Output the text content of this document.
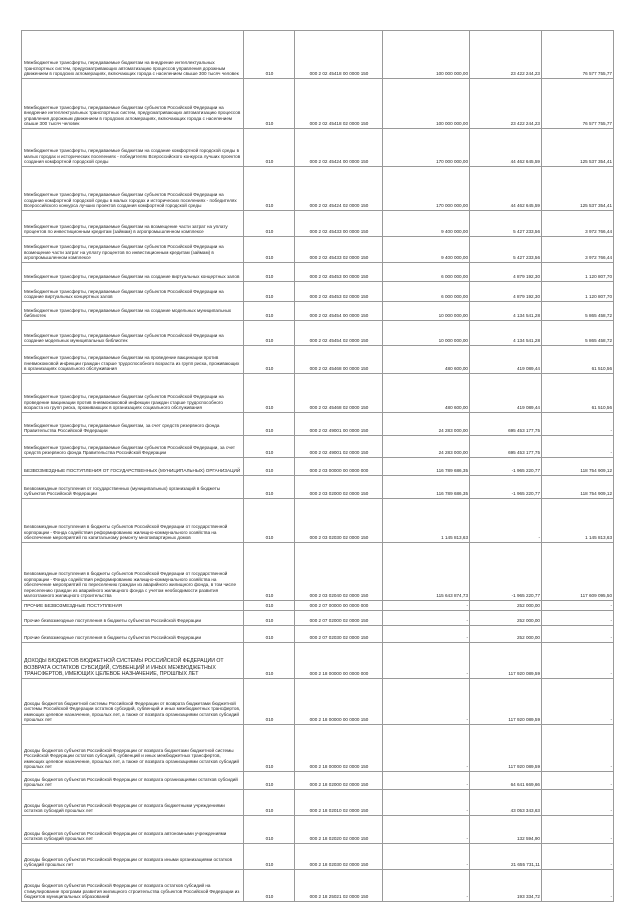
Межбюджетные трансферты, передаваемые бюджетам на внедрение интеллектуальных транспортных систем, предусматривающих автоматизацию процессов управления дорожным движением в городских агломерациях, включающих города с населением свыше 300 тысяч человек	010	000 2 02 45418 00 0000 150	100 000 000,00	23 422 244,23	76 577 755,77

Межбюджетные трансферты, передаваемые бюджетам субъектов Российской Федерации на внедрение интеллектуальных транспортных систем, предусматривающих автоматизацию процессов управления дорожным движением в городских агломерациях, включающих города с населением свыше 300 тысяч человек	010	000 2 02 45418 02 0000 150	100 000 000,00	23 422 244,23	76 577 755,77

Межбюджетные трансферты, передаваемые бюджетам на создание комфортной городской среды в малых городах и исторических поселениях - победителях Всероссийского конкурса лучших проектов создания комфортной городской среды	010	000 2 02 45424 00 0000 150	170 000 000,00	44 462 645,59	125 537 354,41

Межбюджетные трансферты, передаваемые бюджетам субъектов Российской Федерации на создание комфортной городской среды в малых городах и исторических поселениях - победителях Всероссийского конкурса лучших проектов создания комфортной городской среды	010	000 2 02 45424 02 0000 150	170 000 000,00	44 462 645,59	125 537 354,41

Межбюджетные трансферты, передаваемые бюджетам на возмещение части затрат на уплату процентов по инвестиционным кредитам (займам) в агропромышленном комплексе	010	000 2 02 45433 00 0000 150	9 400 000,00	5 427 233,56	3 972 766,44

Межбюджетные трансферты, передаваемые бюджетам субъектов Российской Федерации на возмещение части затрат на уплату процентов по инвестиционным кредитам (займам) в агропромышленном комплексе	010	000 2 02 45433 02 0000 150	9 400 000,00	5 427 233,56	3 972 766,44

Межбюджетные трансферты, передаваемые бюджетам на создание виртуальных концертных залов	010	000 2 02 45453 00 0000 150	6 000 000,00	4 879 192,30	1 120 807,70

Межбюджетные трансферты, передаваемые бюджетам субъектов Российской Федерации на создание виртуальных концертных залов	010	000 2 02 45453 02 0000 150	6 000 000,00	4 879 192,30	1 120 807,70

Межбюджетные трансферты, передаваемые бюджетам на создание модельных муниципальных библиотек	010	000 2 02 45454 00 0000 150	10 000 000,00	4 134 541,28	5 865 458,72

Межбюджетные трансферты, передаваемые бюджетам субъектов Российской Федерации на создание модельных муниципальных библиотек	010	000 2 02 45454 02 0000 150	10 000 000,00	4 134 541,28	5 865 458,72

Межбюджетные трансферты, передаваемые бюджетам на проведение вакцинации против пневмококковой инфекции граждан старше трудоспособного возраста из групп риска, проживающих в организациях социального обслуживания	010	000 2 02 45468 00 0000 150	480 600,00	419 089,44	61 510,56

Межбюджетные трансферты, передаваемые бюджетам субъектов Российской Федерации на проведение вакцинации против пневмококковой инфекции граждан старше трудоспособного возраста из групп риска, проживающих в организациях социального обслуживания	010	000 2 02 45468 02 0000 150	480 600,00	419 089,44	61 510,56

Межбюджетные трансферты, передаваемые бюджетам, за счет средств резервного фонда Правительства Российской Федерации	010	000 2 02 49001 00 0000 150	24 283 000,00	695 453 177,75	-

Межбюджетные трансферты, передаваемые бюджетам субъектов Российской Федерации, за счет средств резервного фонда Правительства Российской Федерации	010	000 2 02 49001 02 0000 150	24 283 000,00	695 453 177,75	-

БЕЗВОЗМЕЗДНЫЕ ПОСТУПЛЕНИЯ ОТ ГОСУДАРСТВЕННЫХ (МУНИЦИПАЛЬНЫХ) ОРГАНИЗАЦИЙ	010	000 2 03 00000 00 0000 000	116 789 686,35	-1 965 220,77	118 754 909,12

Безвозмездные поступления от государственных (муниципальных) организаций в бюджеты субъектов Российской Федерации	010	000 2 03 02000 02 0000 150	116 789 686,35	-1 965 220,77	118 754 909,12

Безвозмездные поступления в бюджеты субъектов Российской Федерации от государственной корпорации - Фонда содействия реформированию жилищно-коммунального хозяйства на обеспечение мероприятий по капитальному ремонту многоквартирных домов	010	000 2 03 02030 02 0000 150	1 145 813,63	-	1 145 813,63

Безвозмездные поступления в бюджеты субъектов Российской Федерации от государственной корпорации - Фонда содействия реформированию жилищно-коммунального хозяйства на обеспечение мероприятий по переселению граждан из аварийного жилищного фонда, в том числе переселению граждан из аварийного жилищного фонда с учетом необходимости развития малоэтажного жилищного строительства	010	000 2 03 02040 02 0000 150	115 643 874,73	-1 965 220,77	117 609 095,50

ПРОЧИЕ БЕЗВОЗМЕЗДНЫЕ ПОСТУПЛЕНИЯ	010	000 2 07 00000 00 0000 000	-	252 000,00	-

Прочие безвозмездные поступления в бюджеты субъектов Российской Федерации	010	000 2 07 02000 02 0000 150	-	252 000,00	-

Прочие безвозмездные поступления в бюджеты субъектов Российской Федерации	010	000 2 07 02030 02 0000 150	-	252 000,00	-

ДОХОДЫ БЮДЖЕТОВ БЮДЖЕТНОЙ СИСТЕМЫ РОССИЙСКОЙ ФЕДЕРАЦИИ ОТ ВОЗВРАТА ОСТАТКОВ СУБСИДИЙ, СУБВЕНЦИЙ И ИНЫХ МЕЖБЮДЖЕТНЫХ ТРАНСФЕРТОВ, ИМЕЮЩИХ ЦЕЛЕВОЕ НАЗНАЧЕНИЕ, ПРОШЛЫХ ЛЕТ	010	000 2 18 00000 00 0000 000	-	117 920 089,59	-

Доходы бюджетов бюджетной системы Российской Федерации от возврата бюджетами бюджетной системы Российской Федерации остатков субсидий, субвенций и иных межбюджетных трансфертов, имеющих целевое назначение, прошлых лет, а также от возврата организациями остатков субсидий прошлых лет	010	000 2 18 00000 00 0000 150	-	117 920 089,59	-

Доходы бюджетов субъектов Российской Федерации от возврата бюджетами бюджетной системы Российской Федерации остатков субсидий, субвенций и иных межбюджетных трансфертов, имеющих целевое назначение, прошлых лет, а также от возврата организациями остатков субсидий прошлых лет	010	000 2 18 00000 02 0000 150	-	117 920 089,59	-

Доходы бюджетов субъектов Российской Федерации от возврата организациями остатков субсидий прошлых лет	010	000 2 18 02000 02 0000 150	-	64 641 669,66	-

Доходы бюджетов субъектов Российской Федерации от возврата бюджетными учреждениями остатков субсидий прошлых лет	010	000 2 18 02010 02 0000 150	-	43 053 343,63	-

Доходы бюджетов субъектов Российской Федерации от возврата автономными учреждениями остатков субсидий прошлых лет	010	000 2 18 02020 02 0000 150	-	132 594,90	-

Доходы бюджетов субъектов Российской Федерации от возврата иными организациями остатков субсидий прошлых лет	010	000 2 18 02030 02 0000 150	-	21 655 731,11	-

Доходы бюджетов субъектов Российской Федерации от возврата остатков субсидий на стимулирование программ развития жилищного строительства субъектов Российской Федерации из бюджетов муниципальных образований	010	000 2 18 25021 02 0000 150	-	193 334,72	-
